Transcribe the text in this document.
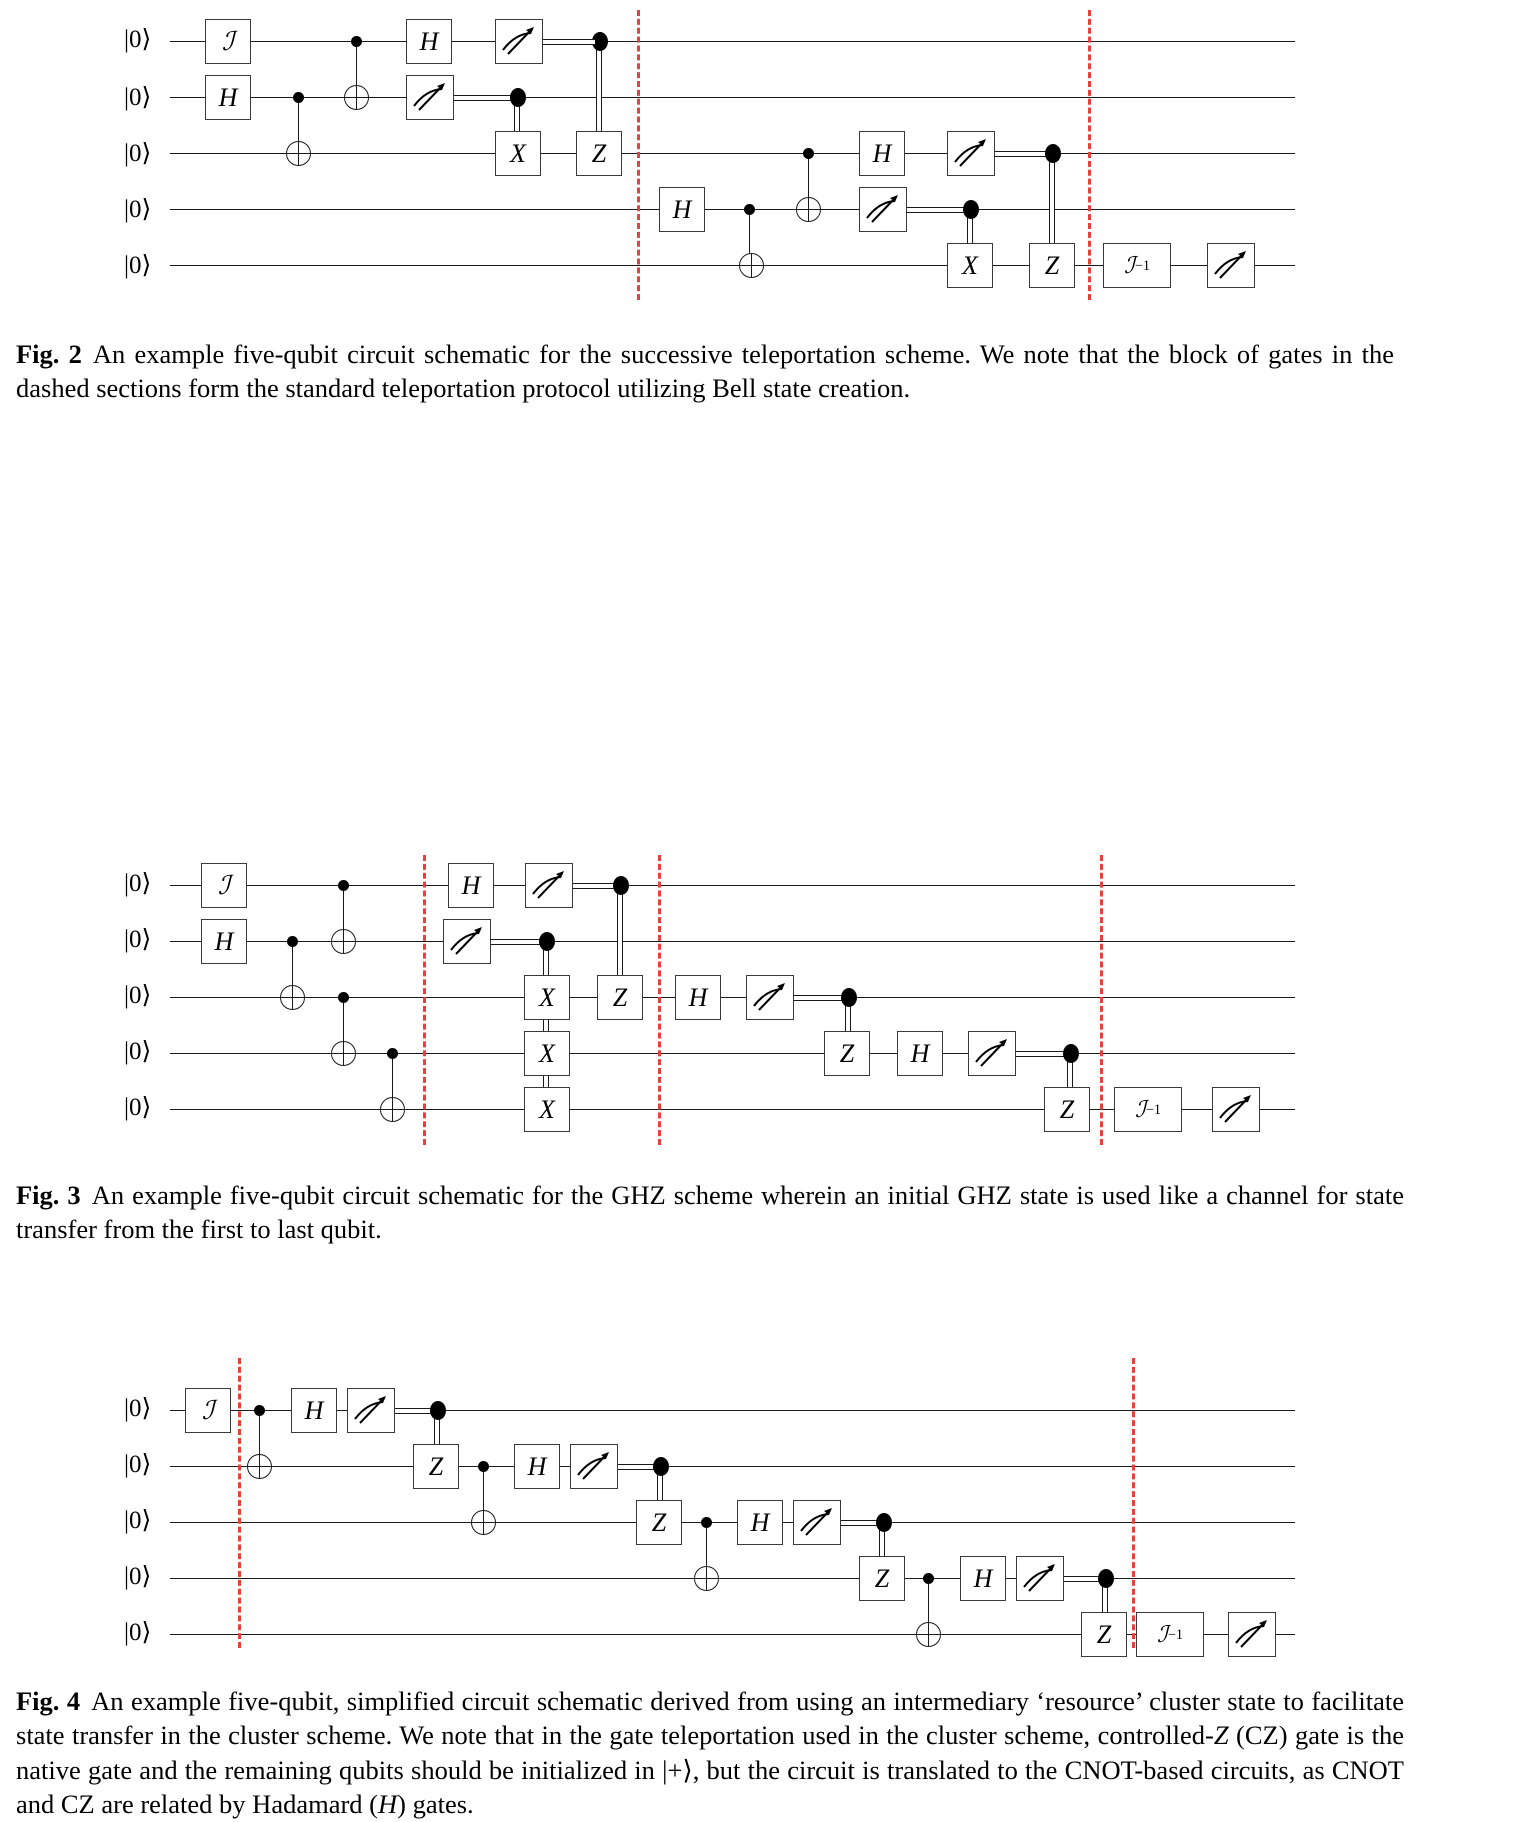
|0⟩
|0⟩
|0⟩
|0⟩
|0⟩
ℐ	H
H
X	Z	H
H
X	Z	ℐ −1
Fig. 2 An example five-qubit circuit schematic for the successive teleportation scheme. We note that the block of gates in the dashed sections form the standard teleportation protocol utilizing Bell state creation.
|0⟩
|0⟩
|0⟩
|0⟩
|0⟩
ℐ	H
H
X	Z	H
X	Z	H
X	Z	ℐ −1
Fig. 3 An example five-qubit circuit schematic for the GHZ scheme wherein an initial GHZ state is used like a channel for state transfer from the first to last qubit.
|0⟩
|0⟩
|0⟩
|0⟩
|0⟩
ℐ	H
Z	H
Z	H
Z	H
Z	ℐ −1
Fig. 4 An example five-qubit, simplified circuit schematic derived from using an intermediary ‘resource’ cluster state to facilitate state transfer in the cluster scheme. We note that in the gate teleportation used in the cluster scheme, controlled-Z (CZ) gate is the native gate and the remaining qubits should be initialized in |+⟩, but the circuit is translated to the CNOT-based circuits, as CNOT and CZ are related by Hadamard (H) gates.
